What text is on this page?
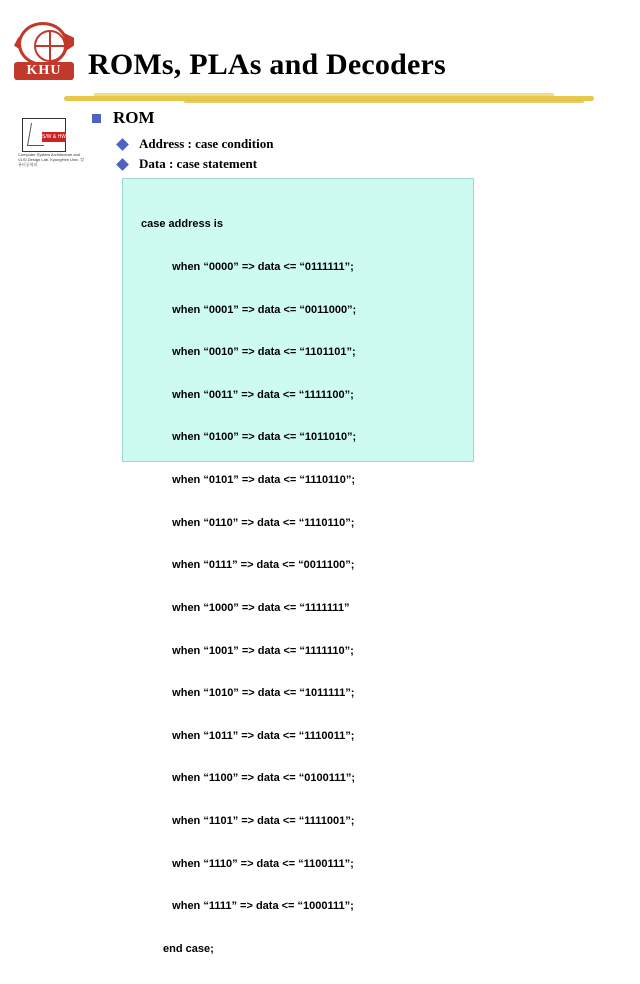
KHU ROMs, PLAs and Decoders
S/W & HW Lab
Computer System Architecture and VLSI Design Lab. KyungHee Univ. 컴퓨터공학과
ROM
Address : case condition
Data : case statement

case address is

when “0000” => data <= “0111111”;

when “0001” => data <= “0011000”;

when “0010” => data <= “1101101”;

when “0011” => data <= “1111100”;

when “0100” => data <= “1011010”;

when “0101” => data <= “1110110”;

when “0110” => data <= “1110110”;

when “0111” => data <= “0011100”;

when “1000” => data <= “1111111”

when “1001” => data <= “1111110”;

when “1010” => data <= “1011111”;

when “1011” => data <= “1110011”;

when “1100” => data <= “0100111”;

when “1101” => data <= “1111001”;

when “1110” => data <= “1100111”;

when “1111” => data <= “1000111”;

end case;
